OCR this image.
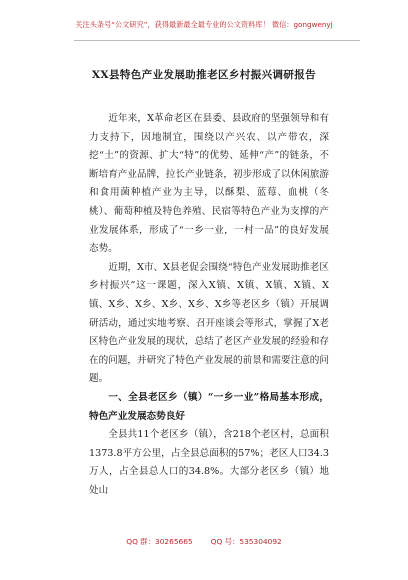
关注头条号“公文研究”，获得最新最全最专业的公文资料库！ 微信：gongwenyj
XX县特色产业发展助推老区乡村振兴调研报告

近年来，X革命老区在县委、县政府的坚强领导和有力支持下，因地制宜，围绕以产兴农、以产带农，深挖“土”的资源、扩大“特”的优势、延伸“产”的链条，不断培育产业品牌，拉长产业链条，初步形成了以休闲旅游和食用菌种植产业为主导，以酥梨、蓝莓、血桃（冬桃）、葡萄种植及特色养殖、民宿等特色产业为支撑的产业发展体系，形成了“一乡一业，一村一品”的良好发展态势。

近期，X市、X县老促会围绕“特色产业发展助推老区乡村振兴”这一课题，深入X镇、X镇、X镇、X镇、X镇、X乡、X乡、X乡、X乡、X乡等老区乡（镇）开展调研活动，通过实地考察、召开座谈会等形式，掌握了X老区特色产业发展的现状，总结了老区产业发展的经验和存在的问题，并研究了特色产业发展的前景和需要注意的问题。

一、全县老区乡（镇）“一乡一业”格局基本形成，特色产业发展态势良好

全县共11个老区乡（镇），含218个老区村，总面积1373.8平方公里，占全县总面积的57%；老区人口34.3万人，占全县总人口的34.8%。大部分老区乡（镇）地处山

QQ 群：30265665 QQ 号：535304092
